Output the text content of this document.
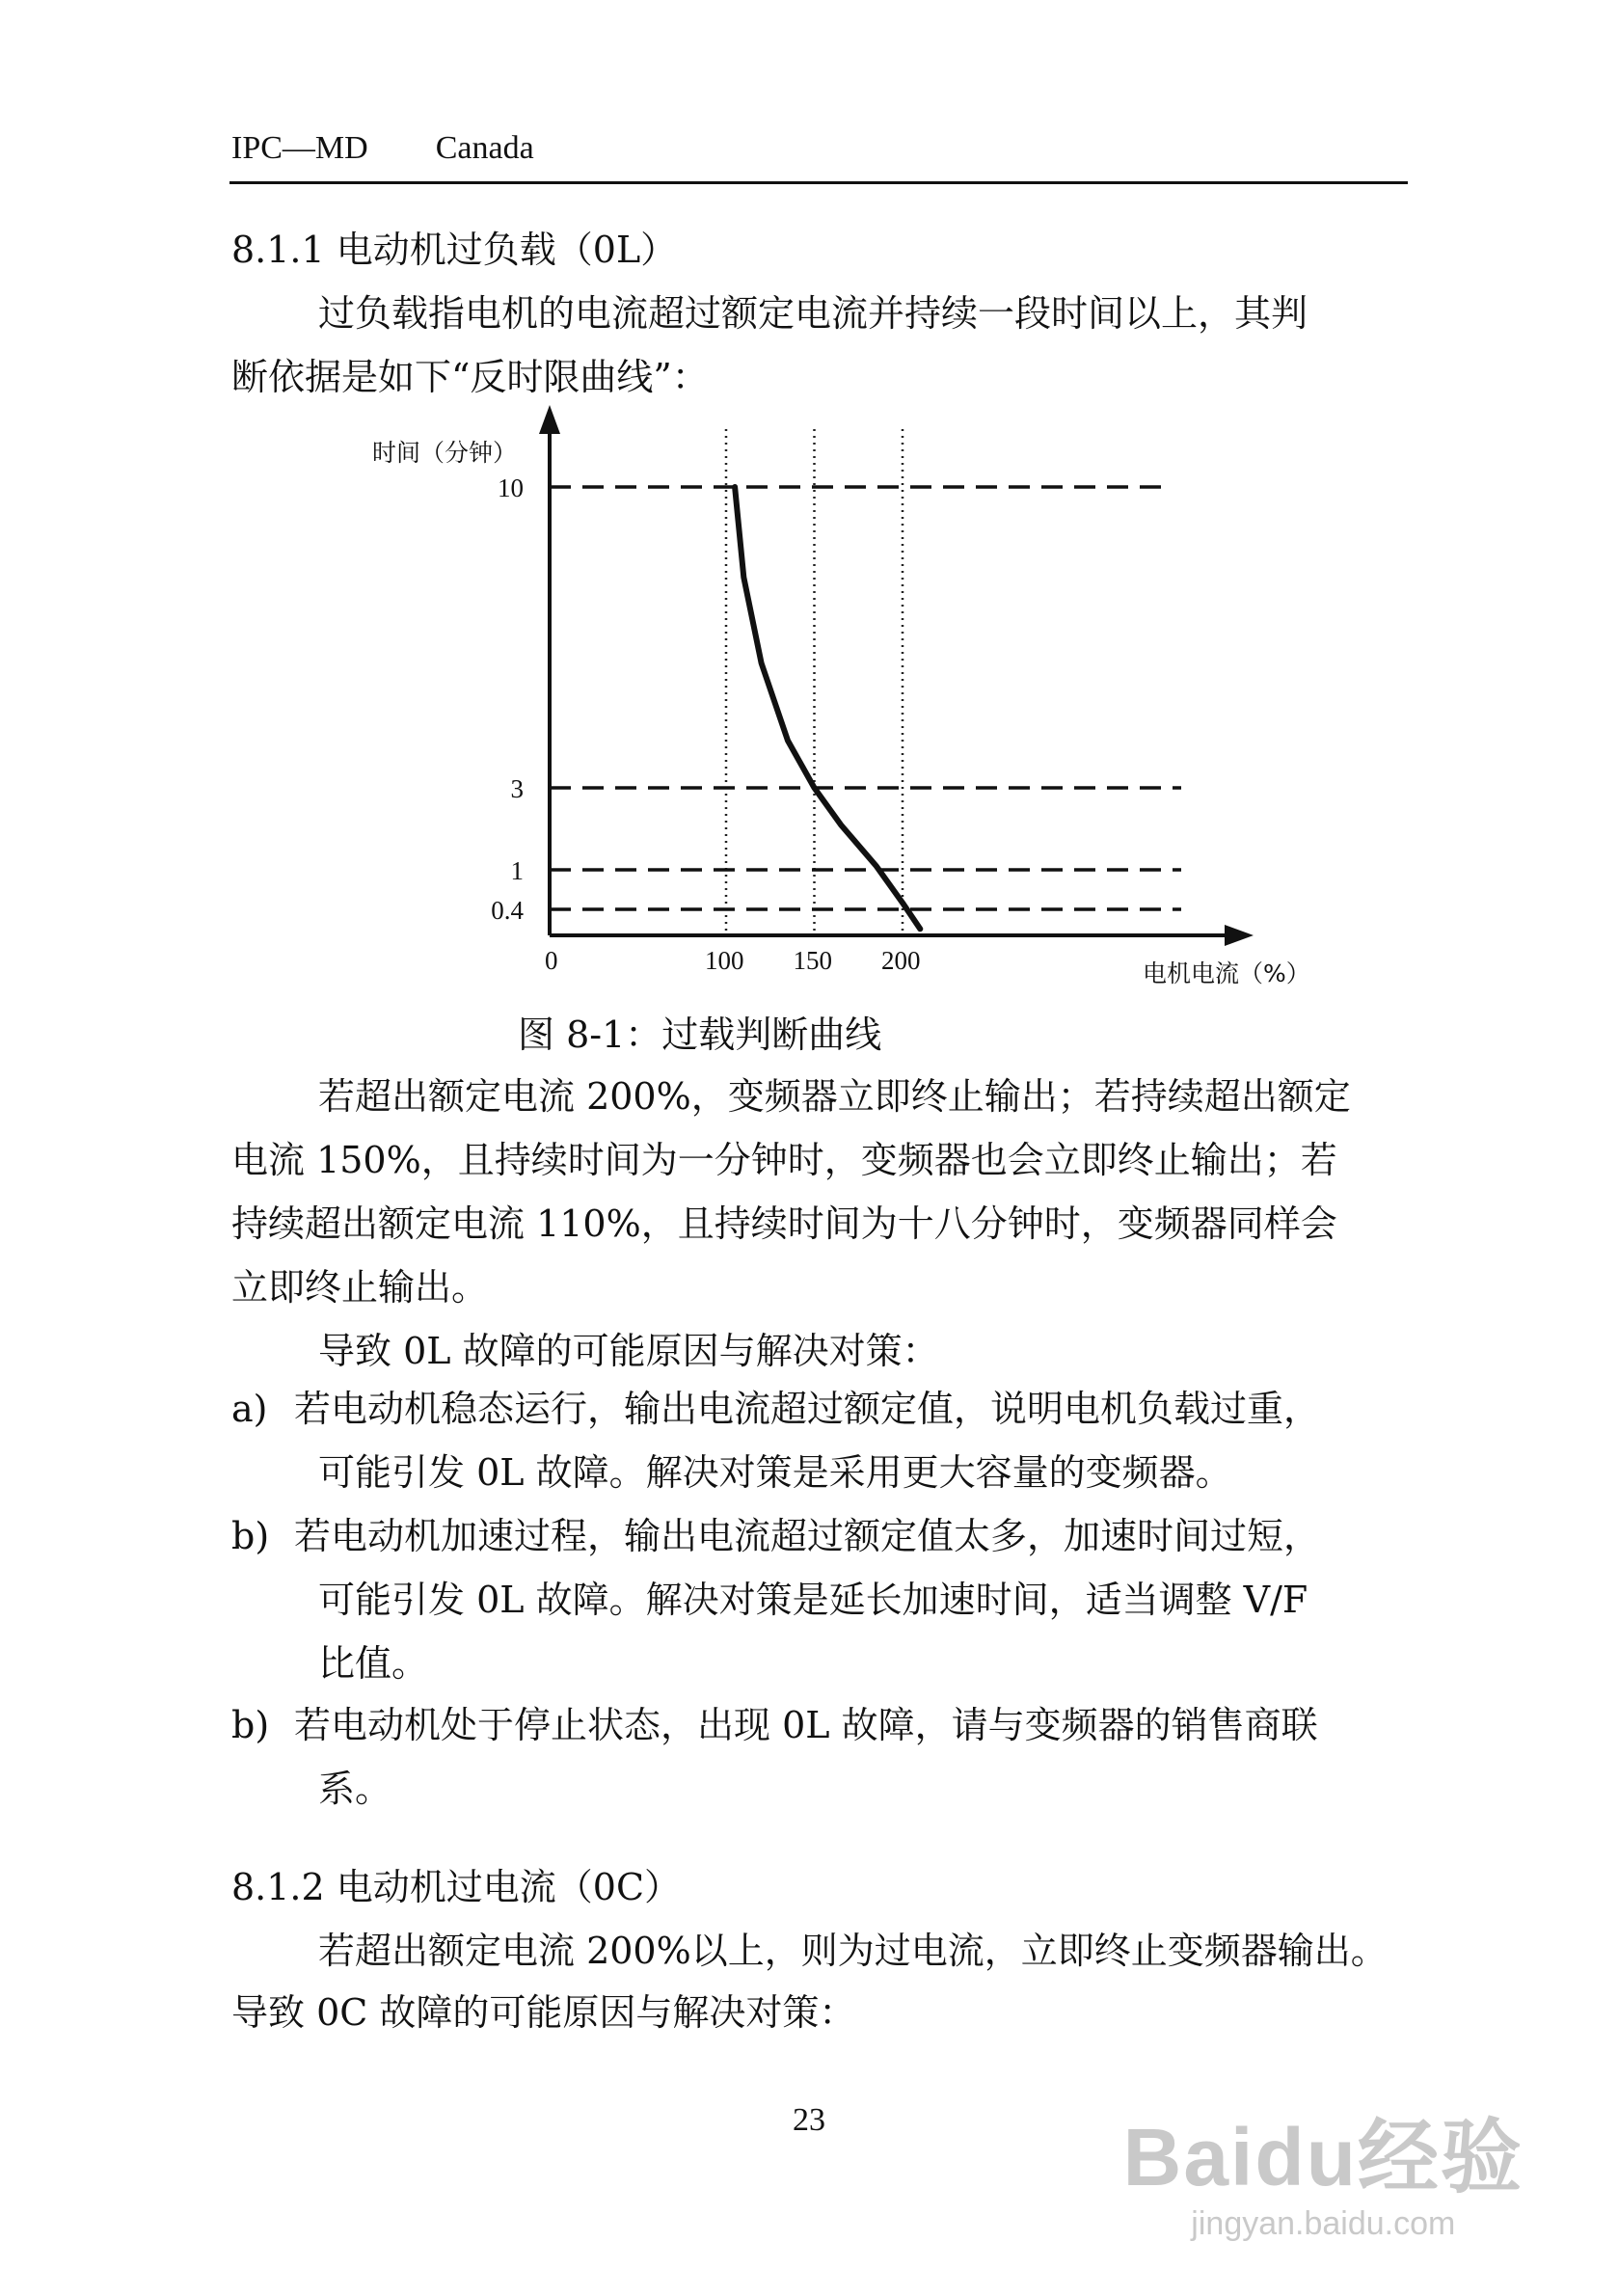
IPC—MD Canada
8.1.1 电动机过负载（0L）
过负载指电机的电流超过额定电流并持续一段时间以上，其判
断依据是如下“反时限曲线”：
时间（分钟）
电机电流（%）
0	100 150 200
10
3
1
0.4
图 8-1：过载判断曲线
若超出额定电流 200%，变频器立即终止输出；若持续超出额定
电流 150%，且持续时间为一分钟时，变频器也会立即终止输出；若
持续超出额定电流 110%，且持续时间为十八分钟时，变频器同样会
立即终止输出。
导致 0L 故障的可能原因与解决对策：
a) 若电动机稳态运行，输出电流超过额定值，说明电机负载过重，
可能引发 0L 故障。解决对策是采用更大容量的变频器。
b) 若电动机加速过程，输出电流超过额定值太多，加速时间过短，
可能引发 0L 故障。解决对策是延长加速时间，适当调整 V/F
比值。
b) 若电动机处于停止状态，出现 0L 故障，请与变频器的销售商联
系。
8.1.2 电动机过电流（0C）
若超出额定电流 200%以上，则为过电流，立即终止变频器输出。
导致 0C 故障的可能原因与解决对策：
23	Baidu经验
jingyan.baidu.com
